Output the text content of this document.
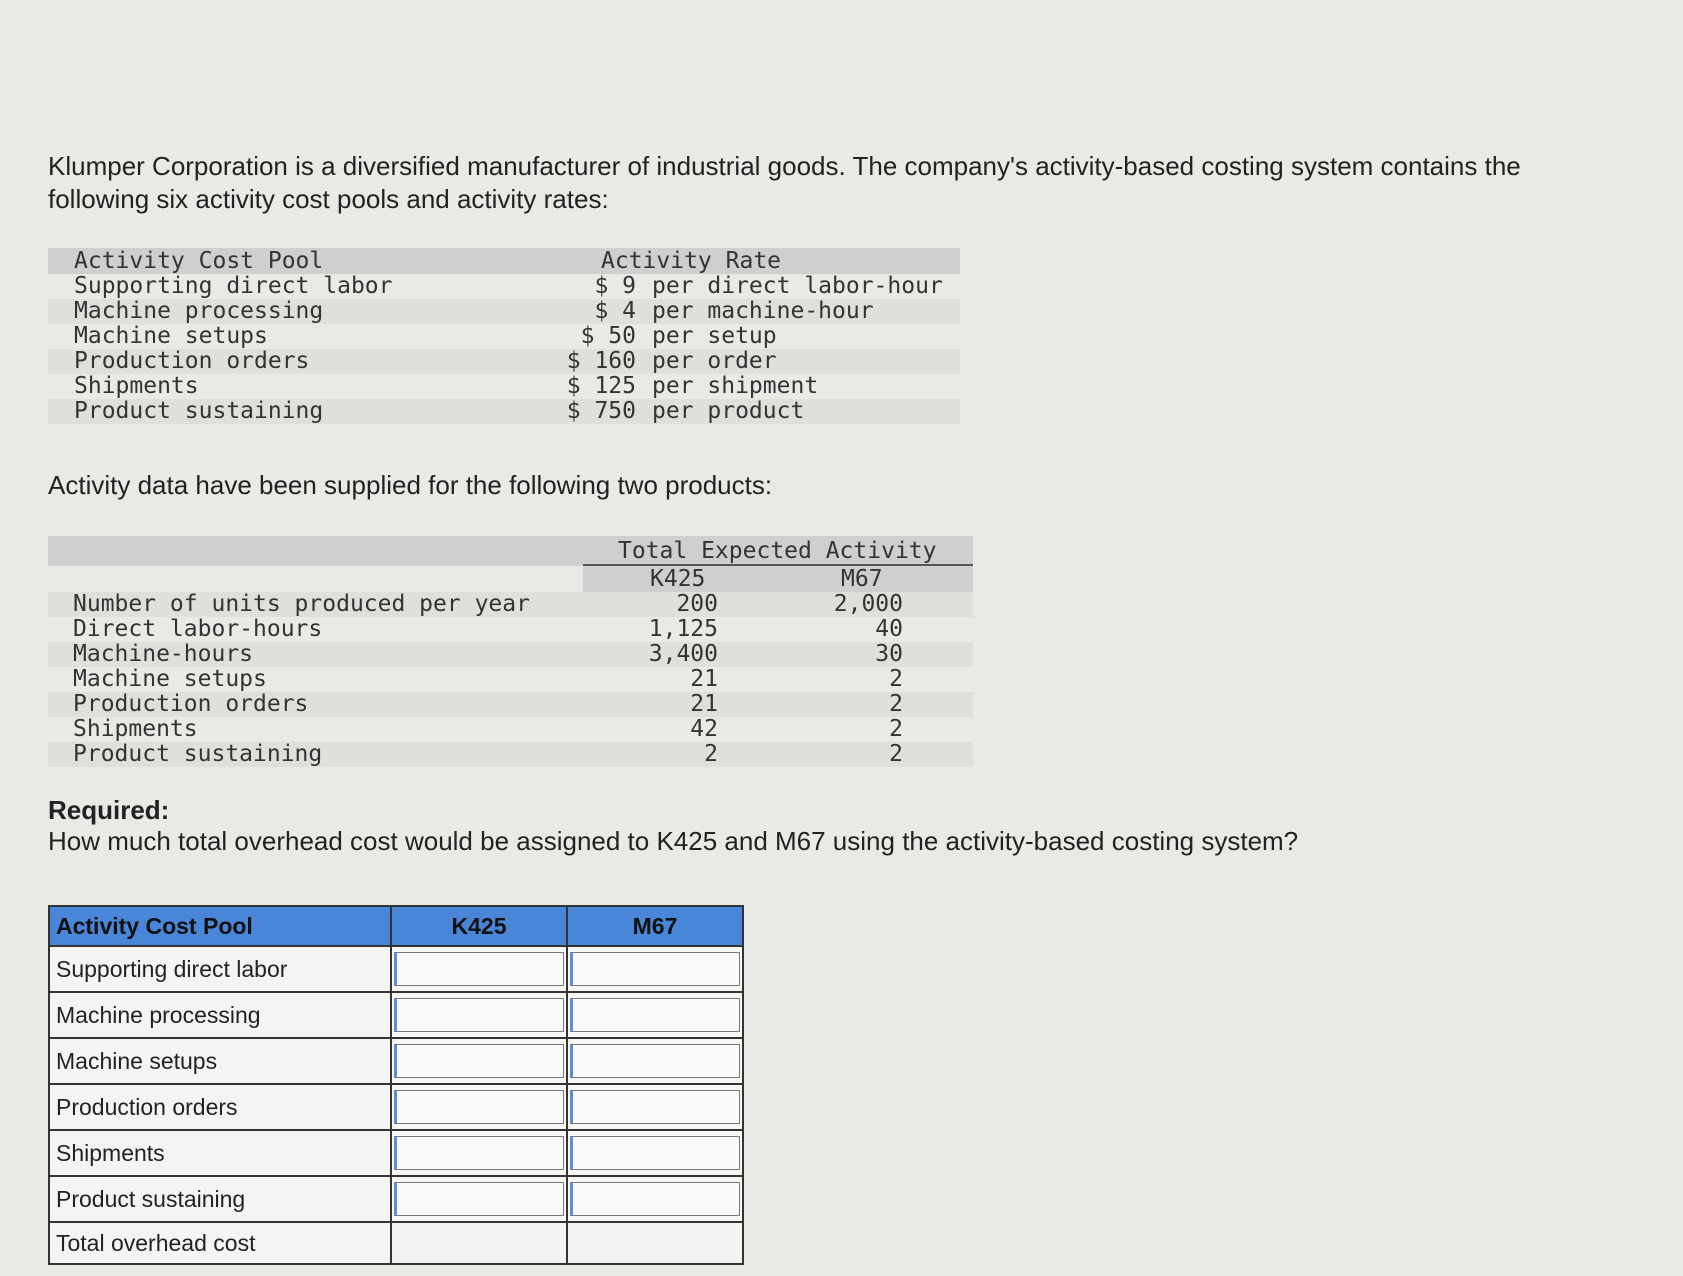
Klumper Corporation is a diversified manufacturer of industrial goods. The company's activity-based costing system contains the following six activity cost pools and activity rates:

Activity Cost Pool	Activity Rate
Supporting direct labor	$ 9 per direct labor-hour
Machine processing	$ 4 per machine-hour
Machine setups	$ 50 per setup
Production orders	$ 160 per order
Shipments	$ 125 per shipment
Product sustaining	$ 750 per product

Activity data have been supplied for the following two products:

Total Expected Activity
K425	M67
Number of units produced per year	200	2,000
Direct labor-hours	1,125	40
Machine-hours	3,400	30
Machine setups	21	2
Production orders	21	2
Shipments	42	2
Product sustaining	2	2
Required:
How much total overhead cost would be assigned to K425 and M67 using the activity-based costing system?
Activity Cost Pool	K425	M67
Supporting direct labor		
Machine processing		
Machine setups		
Production orders		
Shipments		
Product sustaining		
Total overhead cost		
